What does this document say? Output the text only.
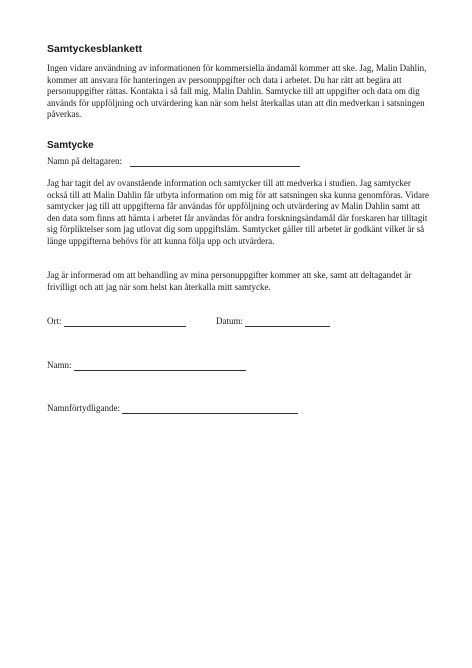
Samtyckesblankett

Ingen vidare användning av informationen för kommersiella ändamål kommer att ske. Jag, Malin Dahlin, kommer att ansvara för hanteringen av personuppgifter och data i arbetet. Du har rätt att begära att personuppgifter rättas. Kontakta i så fall mig, Malin Dahlin. Samtycke till att uppgifter och data om dig används för uppföljning och utvärdering kan när som helst återkallas utan att din medverkan i satsningen påverkas.

Samtycke
Namn på deltagaren:

Jag har tagit del av ovanstående information och samtycker till att medverka i studien. Jag samtycker också till att Malin Dahlin får utbyta information om mig för att satsningen ska kunna genomföras. Vidare samtycker jag till att uppgifterna får användas för uppföljning och utvärdering av Malin Dahlin samt att den data som finns att hämta i arbetet får användas för andra forskningsändamål där forskaren har tilltagit sig förpliktelser som jag utlovat dig som uppgiftsläm. Samtycket gäller till arbetet är godkänt vilket är så länge uppgifterna behövs för att kunna följa upp och utvärdera.

Jag är informerad om att behandling av mina personuppgifter kommer att ske, samt att deltagandet är frivilligt och att jag när som helst kan återkalla mitt samtycke.

Ort:	Datum:
Namn:
Namnförtydligande:
